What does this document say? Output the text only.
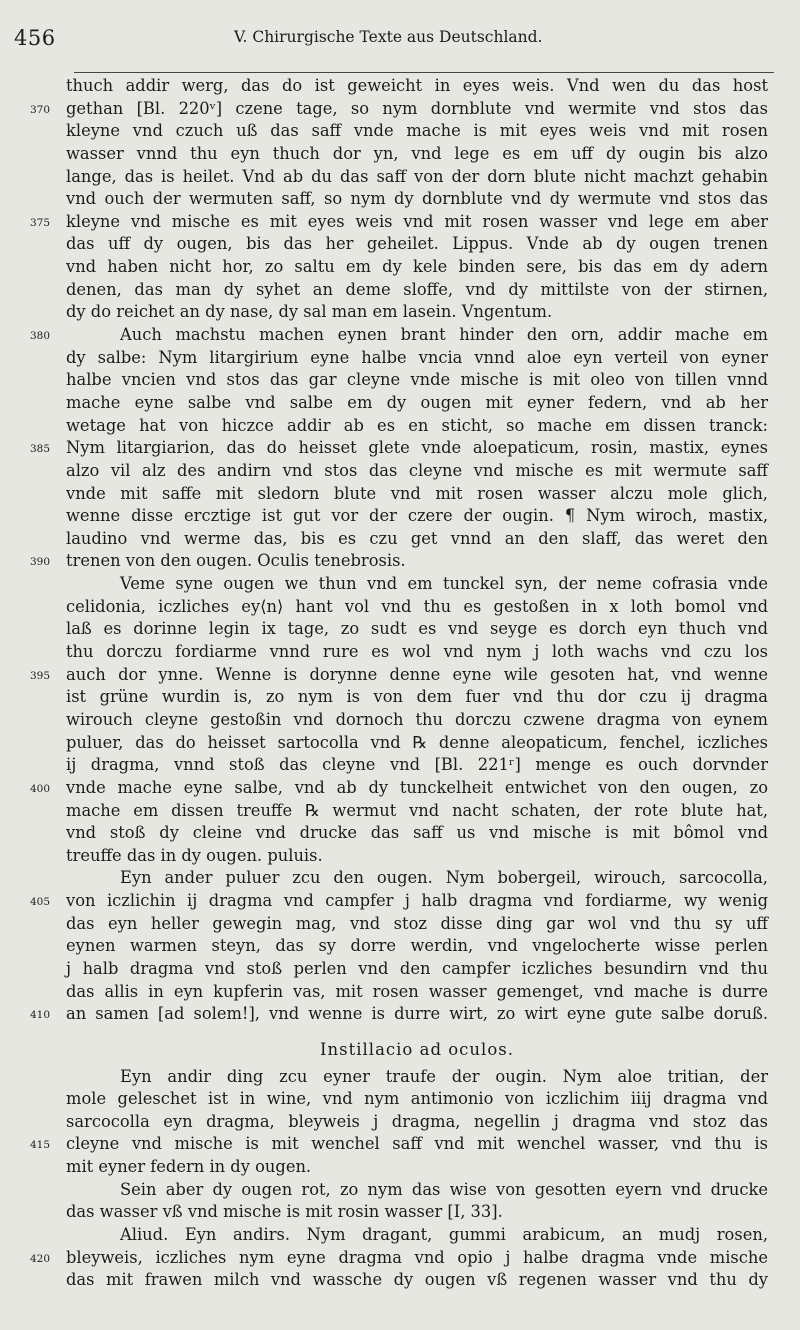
456	V. Chirurgische Texte aus Deutschland.
thuch addir werg, das do ist geweicht in eyes weis. Vnd wen du das host
370 gethan [Bl. 220ᵛ] czene tage, so nym dornblute vnd wermite vnd stos das
kleyne vnd czuch uß das saff vnde mache is mit eyes weis vnd mit rosen
wasser vnnd thu eyn thuch dor yn, vnd lege es em uff dy ougin bis alzo
lange, das is heilet. Vnd ab du das saff von der dorn blute nicht machzt gehabin
vnd ouch der wermuten saff, so nym dy dornblute vnd dy wermute vnd stos das
375 kleyne vnd mische es mit eyes weis vnd mit rosen wasser vnd lege em aber
das uff dy ougen, bis das her geheilet. Lippus. Vnde ab dy ougen trenen
vnd haben nicht hor, zo saltu em dy kele binden sere, bis das em dy adern
denen, das man dy syhet an deme sloffe, vnd dy mittilste von der stirnen,
dy do reichet an dy nase, dy sal man em lasein. Vngentum.
380	Auch machstu machen eynen brant hinder den orn, addir mache em
dy salbe: Nym litargirium eyne halbe vncia vnnd aloe eyn verteil von eyner
halbe vncien vnd stos das gar cleyne vnde mische is mit oleo von tillen vnnd
mache eyne salbe vnd salbe em dy ougen mit eyner federn, vnd ab her
wetage hat von hiczce addir ab es en sticht, so mache em dissen tranck:
385 Nym litargiarion, das do heisset glete vnde aloepaticum, rosin, mastix, eynes
alzo vil alz des andirn vnd stos das cleyne vnd mische es mit wermute saff
vnde mit saffe mit sledorn blute vnd mit rosen wasser alczu mole glich,
wenne disse ercztige ist gut vor der czere der ougin. ¶ Nym wiroch, mastix,
laudino vnd werme das, bis es czu get vnnd an den slaff, das weret den
390 trenen von den ougen. Oculis tenebrosis.
Veme syne ougen we thun vnd em tunckel syn, der neme cofrasia vnde
celidonia, iczliches ey⟨n⟩ hant vol vnd thu es gestoßen in x loth bomol vnd
laß es dorinne legin ix tage, zo sudt es vnd seyge es dorch eyn thuch vnd
thu dorczu fordiarme vnnd rure es wol vnd nym j loth wachs vnd czu los
395 auch dor ynne. Wenne is dorynne denne eyne wile gesoten hat, vnd wenne
ist grüne wurdin is, zo nym is von dem fuer vnd thu dor czu ij dragma
wirouch cleyne gestoßin vnd dornoch thu dorczu czwene dragma von eynem
puluer, das do heisset sartocolla vnd ℞ denne aleopaticum, fenchel, iczliches
ij dragma, vnnd stoß das cleyne vnd [Bl. 221ʳ] menge es ouch dorvnder
400 vnde mache eyne salbe, vnd ab dy tunckelheit entwichet von den ougen, zo
mache em dissen treuffe ℞ wermut vnd nacht schaten, der rote blute hat,
vnd stoß dy cleine vnd drucke das saff us vnd mische is mit bômol vnd
treuffe das in dy ougen. puluis.
Eyn ander puluer zcu den ougen. Nym bobergeil, wirouch, sarcocolla,
405 von iczlichin ij dragma vnd campfer j halb dragma vnd fordiarme, wy wenig
das eyn heller gewegin mag, vnd stoz disse ding gar wol vnd thu sy uff
eynen warmen steyn, das sy dorre werdin, vnd vngelocherte wisse perlen
j halb dragma vnd stoß perlen vnd den campfer iczliches besundirn vnd thu
das allis in eyn kupferin vas, mit rosen wasser gemenget, vnd mache is durre
410 an samen [ad solem!], vnd wenne is durre wirt, zo wirt eyne gute salbe doruß.
Instillacio ad oculos.
Eyn andir ding zcu eyner traufe der ougin. Nym aloe tritian, der
mole geleschet ist in wine, vnd nym antimonio von iczlichim iiij dragma vnd
sarcocolla eyn dragma, bleyweis j dragma, negellin j dragma vnd stoz das
415 cleyne vnd mische is mit wenchel saff vnd mit wenchel wasser, vnd thu is
mit eyner federn in dy ougen.
Sein aber dy ougen rot, zo nym das wise von gesotten eyern vnd drucke
das wasser vß vnd mische is mit rosin wasser [I, 33].
Aliud. Eyn andirs. Nym dragant, gummi arabicum, an mudj rosen,
420 bleyweis, iczliches nym eyne dragma vnd opio j halbe dragma vnde mische
das mit frawen milch vnd wassche dy ougen vß regenen wasser vnd thu dy
